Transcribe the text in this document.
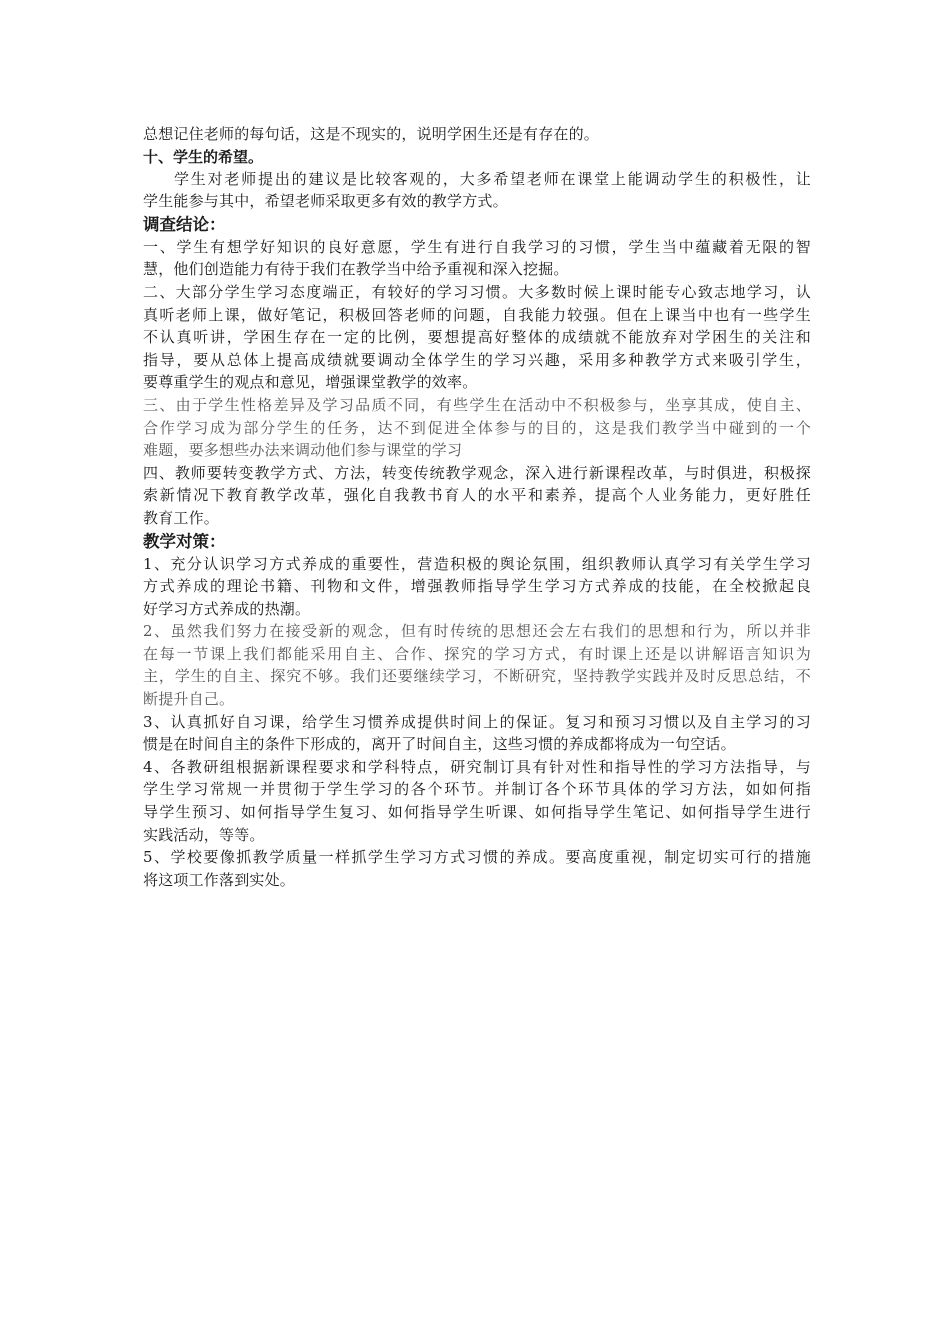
总想记住老师的每句话，这是不现实的，说明学困生还是有存在的。
十、学生的希望。
学生对老师提出的建议是比较客观的，大多希望老师在课堂上能调动学生的积极性，让
学生能参与其中，希望老师采取更多有效的教学方式。
调查结论：
一、学生有想学好知识的良好意愿，学生有进行自我学习的习惯，学生当中蕴藏着无限的智
慧，他们创造能力有待于我们在教学当中给予重视和深入挖掘。
二、大部分学生学习态度端正，有较好的学习习惯。大多数时候上课时能专心致志地学习，认
真听老师上课，做好笔记，积极回答老师的问题，自我能力较强。但在上课当中也有一些学生
不认真听讲，学困生存在一定的比例，要想提高好整体的成绩就不能放弃对学困生的关注和
指导，要从总体上提高成绩就要调动全体学生的学习兴趣，采用多种教学方式来吸引学生，
要尊重学生的观点和意见，增强课堂教学的效率。
三、由于学生性格差异及学习品质不同，有些学生在活动中不积极参与，坐享其成，使自主、
合作学习成为部分学生的任务，达不到促进全体参与的目的，这是我们教学当中碰到的一个
难题，要多想些办法来调动他们参与课堂的学习
四、教师要转变教学方式、方法，转变传统教学观念，深入进行新课程改革，与时俱进，积极探
索新情况下教育教学改革，强化自我教书育人的水平和素养，提高个人业务能力，更好胜任
教育工作。
教学对策：
1、充分认识学习方式养成的重要性，营造积极的舆论氛围，组织教师认真学习有关学生学习
方式养成的理论书籍、刊物和文件，增强教师指导学生学习方式养成的技能，在全校掀起良
好学习方式养成的热潮。
2、虽然我们努力在接受新的观念，但有时传统的思想还会左右我们的思想和行为，所以并非
在每一节课上我们都能采用自主、合作、探究的学习方式，有时课上还是以讲解语言知识为
主，学生的自主、探究不够。我们还要继续学习，不断研究，坚持教学实践并及时反思总结，不
断提升自己。
3、认真抓好自习课，给学生习惯养成提供时间上的保证。复习和预习习惯以及自主学习的习
惯是在时间自主的条件下形成的，离开了时间自主，这些习惯的养成都将成为一句空话。
4、各教研组根据新课程要求和学科特点，研究制订具有针对性和指导性的学习方法指导，与
学生学习常规一并贯彻于学生学习的各个环节。并制订各个环节具体的学习方法，如如何指
导学生预习、如何指导学生复习、如何指导学生听课、如何指导学生笔记、如何指导学生进行
实践活动，等等。
5、学校要像抓教学质量一样抓学生学习方式习惯的养成。要高度重视，制定切实可行的措施
将这项工作落到实处。
